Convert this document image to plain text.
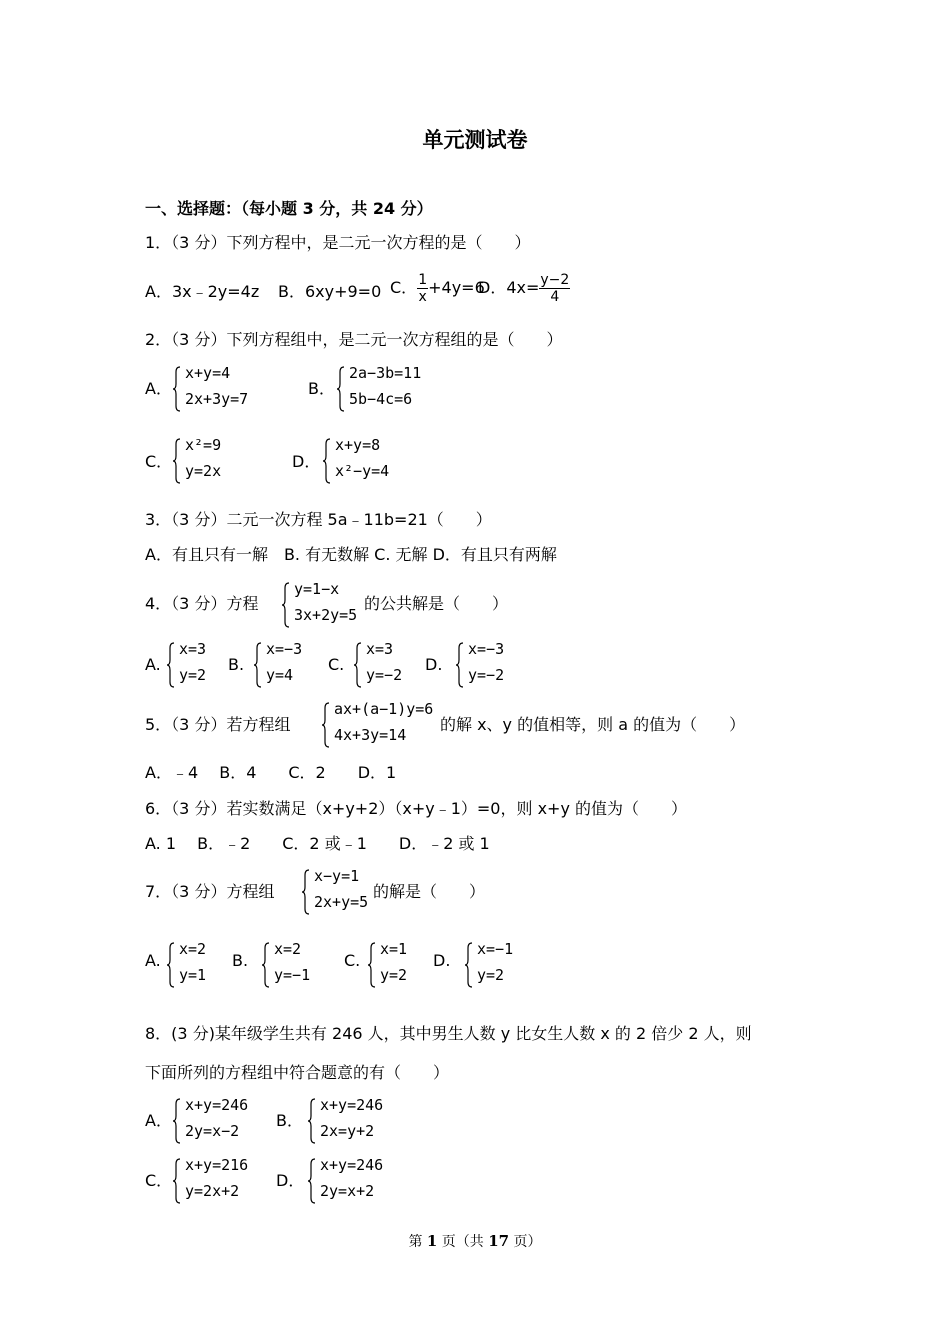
单元测试卷
一、选择题：（每小题 3 分，共 24 分）
1．（3 分）下列方程中，是二元一次方程的是（　　）
A．3x﹣2y=4z B．6xy+9=0 C． $\frac{1}{x} +4y=6$
D．$4x= \frac{y-2}{4}$
2．（3 分）下列方程组中，是二元一次方程组的是（　　）
A．
x+y=4
2x+3y=7
B．
2a−3b=11
5b−4c=6
C．
x²=9
y=2x	D．
x+y=8
x²−y=4
3．（3 分）二元一次方程 5a﹣11b=21（　　）
A．有且只有一解　B. 有无数解 C. 无解 D．有且只有两解
4．（3 分）方程
y=1−x
3x+2y=5
的公共解是（　　）
A.
x=3
y=2
B.
x=−3
y=4
C.
x=3
y=−2
D.
x=−3
y=−2
5．（3 分）若方程组
ax+(a−1)y=6
4x+3y=14
的解 x、y 的值相等，则 a 的值为（　　）
A．﹣4　 B．4　　C．2　　D．1
6．（3 分）若实数满足（x+y+2）（x+y﹣1）=0，则 x+y 的值为（　　）
A. 1　 B．﹣2　　C．2 或﹣1　　D．﹣2 或 1
7．（3 分）方程组
x−y=1
2x+y=5
的解是（　　）
A.
x=2
y=1
B.
x=2
y=−1
C.
x=1
y=2
D.
x=−1
y=2
8．(3 分)某年级学生共有 246 人，其中男生人数 y 比女生人数 x 的 2 倍少 2 人，则
下面所列的方程组中符合题意的有（　　）
A．
x+y=246
2y=x−2
B．
x+y=246
2x=y+2
C．
x+y=216
y=2x+2
D．
x+y=246
2y=x+2
第 1 页（共 17 页）
